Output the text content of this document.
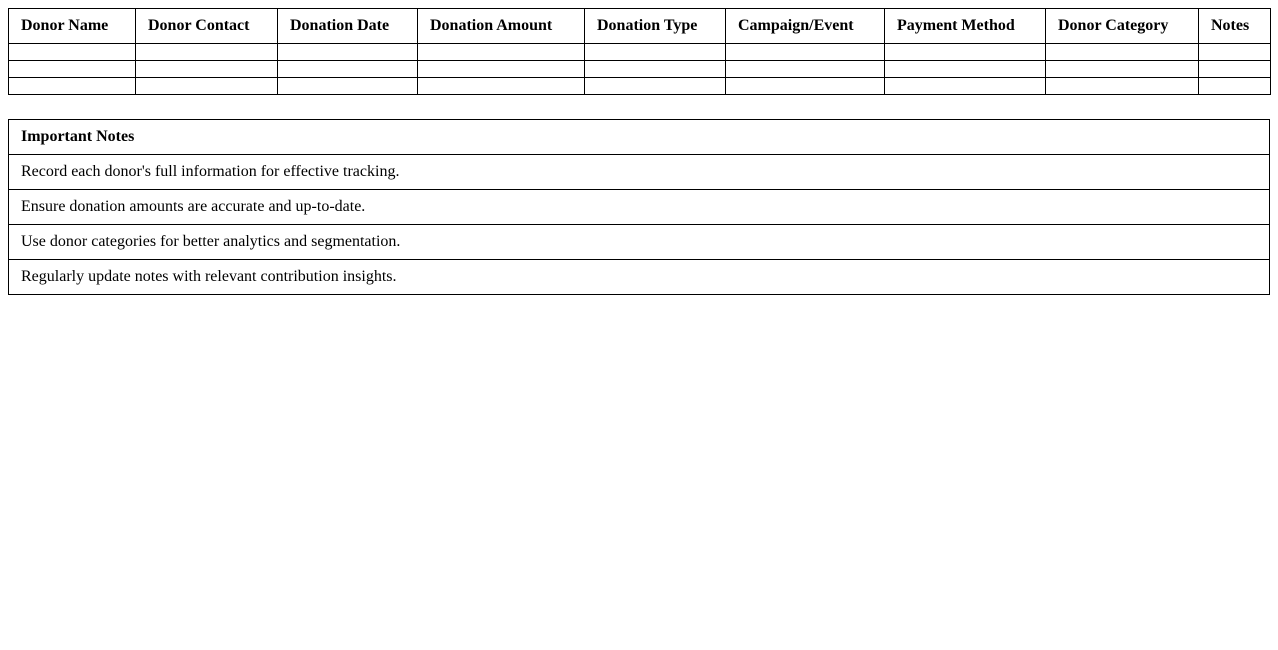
Donor Name	Donor Contact	Donation Date	Donation Amount	Donation Type	Campaign/Event	Payment Method	Donor Category	Notes

Important Notes
Record each donor's full information for effective tracking.
Ensure donation amounts are accurate and up-to-date.
Use donor categories for better analytics and segmentation.
Regularly update notes with relevant contribution insights.
